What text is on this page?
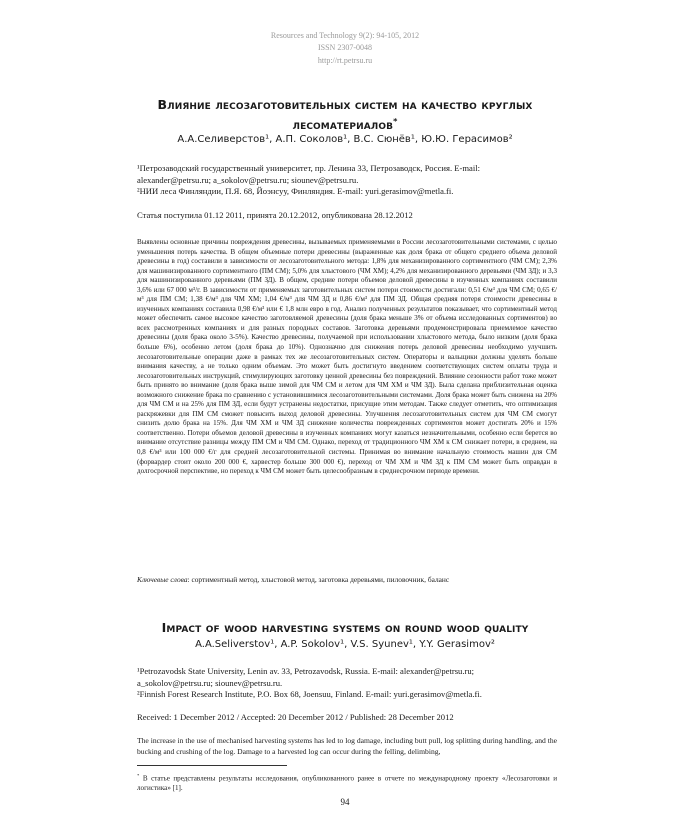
Resources and Technology 9(2): 94-105, 2012
ISSN 2307-0048
http://rt.petrsu.ru
Влияние лесозаготовительных систем на качество круглых
лесоматериалов*
А.А.Селиверстов¹, А.П. Соколов¹, В.С. Сюнёв¹, Ю.Ю. Герасимов²
¹Петрозаводский государственный университет, пр. Ленина 33, Петрозаводск, Россия. E-mail:
alexander@petrsu.ru; a_sokolov@petrsu.ru; siounev@petrsu.ru.
²НИИ леса Финляндии, П.Я. 68, Йоэнсуу, Финляндия. E-mail: yuri.gerasimov@metla.fi.
Статья поступила 01.12 2011, принята 20.12.2012, опубликована 28.12.2012

Выявлены основные причины повреждения древесины, вызываемых применяемыми в России лесозаготовительными системами, с целью уменьшения потерь качества. В общем объемные потери древесины (выраженные как доля брака от общего среднего объема деловой древесины в год) составили в зависимости от лесозаготовительного метода: 1,8% для механизированного сортиментного (ЧМ СМ); 2,3% для машинизированного сортиментного (ПМ СМ); 5,0% для хлыстового (ЧМ ХМ); 4,2% для механизированного деревьями (ЧМ ЗД); и 3,3 для машинизированного деревьями (ПМ ЗД). В общем, средние потери объемов деловой древесины в изученных компаниях составили 3,6% или 67 000 м³/г. В зависимости от применяемых заготовительных систем потери стоимости достигали: 0,51 €/м³ для ЧМ СМ; 0,65 €/м³ для ПМ СМ; 1,38 €/м³ для ЧМ ХМ; 1,04 €/м³ для ЧМ ЗД и 0,86 €/м³ для ПМ ЗД. Общая средняя потеря стоимости древесины в изученных компаниях составила 0,98 €/м³ или € 1,8 млн евро в год. Анализ полученных результатов показывает, что сортиментный метод может обеспечить самое высокое качество заготовляемой древесины (доля брака меньше 3% от объема исследованных сортиментов) во всех рассмотренных компаниях и для разных породных составов. Заготовка деревьями продемонстрировала приемлемое качество древесины (доля брака около 3-5%). Качество древесины, получаемой при использовании хлыстового метода, было низким (доля брака больше 6%), особенно летом (доля брака до 10%). Однозначно для снижения потерь деловой древесины необходимо улучшить лесозаготовительные операции даже в рамках тех же лесозаготовительных систем. Операторы и вальщики должны уделять больше внимания качеству, а не только одним объемам. Это может быть достигнуто введением соответствующих систем оплаты труда и лесозаготовительных инструкций, стимулирующих заготовку ценной древесины без повреждений. Влияние сезонности работ тоже может быть принято во внимание (доля брака выше зимой для ЧМ СМ и летом для ЧМ ХМ и ЧМ ЗД). Была сделана приблизительная оценка возможного снижение брака по сравнению с установившимися лесозаготовительными системами. Доля брака может быть снижена на 20% для ЧМ СМ и на 25% для ПМ ЗД, если будут устранены недостатки, присущие этим методам. Также следует отметить, что оптимизация раскряжевки для ПМ СМ сможет повысить выход деловой древесины. Улучшения лесозаготовительных систем для ЧМ СМ смогут снизить долю брака на 15%. Для ЧМ ХМ и ЧМ ЗД снижение количества поврежденных сортиментов может достигать 20% и 15% соответственно. Потери объемов деловой древесины в изученных компаниях могут казаться незначительными, особенно если берется во внимание отсутствие разницы между ПМ СМ и ЧМ СМ. Однако, переход от традиционного ЧМ ХМ к СМ снижает потери, в среднем, на 0,8 €/м³ или 100 000 €/г для средней лесозаготовительной системы. Принимая во внимание начальную стоимость машин для СМ (форвардер стоит около 200 000 €, харвестер больше 300 000 €), переход от ЧМ ХМ и ЧМ ЗД к ПМ СМ может быть оправдан в долгосрочной перспективе, но переход к ЧМ СМ может быть целесообразным в среднесрочном периоде времени.

Ключевые слова: сортиментный метод, хлыстовой метод, заготовка деревьями, пиловочник, баланс
Impact of wood harvesting systems on round wood quality
A.A.Seliverstov¹, A.P. Sokolov¹, V.S. Syunev¹, Y.Y. Gerasimov²
¹Petrozavodsk State University, Lenin av. 33, Petrozavodsk, Russia. E-mail: alexander@petrsu.ru;
a_sokolov@petrsu.ru; siounev@petrsu.ru.
²Finnish Forest Research Institute, P.O. Box 68, Joensuu, Finland. E-mail: yuri.gerasimov@metla.fi.
Received: 1 December 2012 / Accepted: 20 December 2012 / Published: 28 December 2012
The increase in the use of mechanised harvesting systems has led to log damage, including butt pull, log splitting during handling, and the bucking and crushing of the log. Damage to a harvested log can occur during the felling, delimbing,
* В статье представлены результаты исследования, опубликованного ранее в отчете по международному проекту «Лесозаготовки и логистика» [1].
94
